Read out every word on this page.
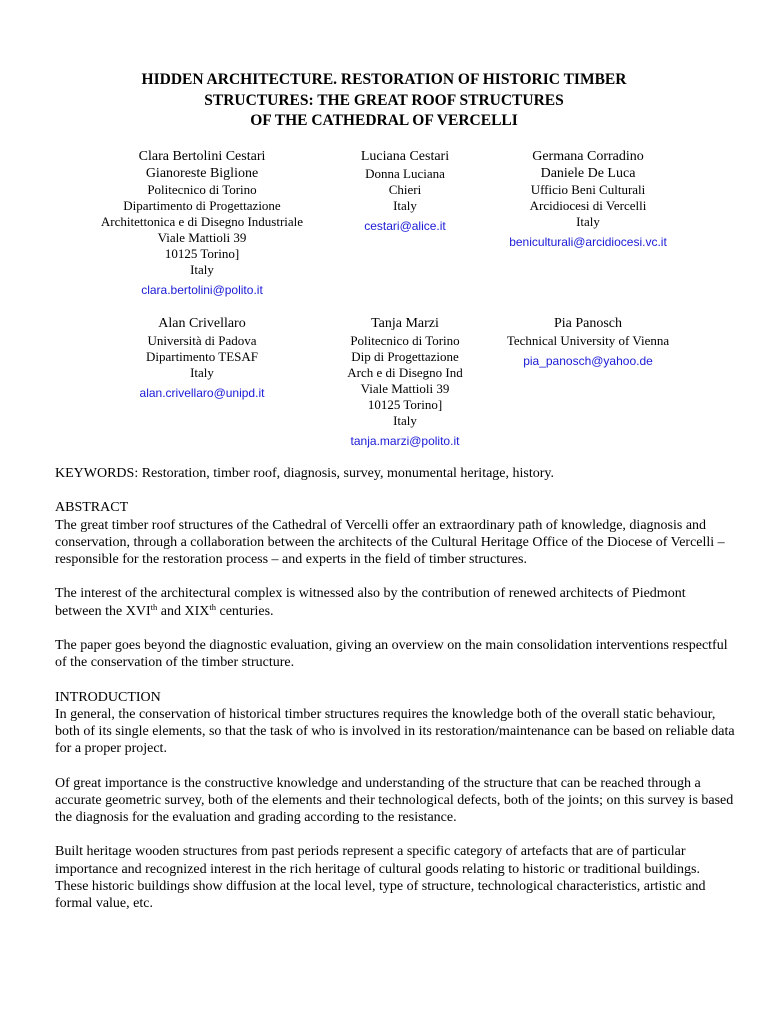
HIDDEN ARCHITECTURE. RESTORATION OF HISTORIC TIMBER
STRUCTURES: THE GREAT ROOF STRUCTURES
OF THE CATHEDRAL OF VERCELLI
Clara Bertolini Cestari
Gianoreste Biglione
Politecnico di Torino
Dipartimento di Progettazione
Architettonica e di Disegno Industriale
Viale Mattioli 39
10125 Torino]
Italy
clara.bertolini@polito.it
Luciana Cestari
Donna Luciana
Chieri
Italy
cestari@alice.it
Germana Corradino
Daniele De Luca
Ufficio Beni Culturali
Arcidiocesi di Vercelli
Italy
beniculturali@arcidiocesi.vc.it
Alan Crivellaro
Università di Padova
Dipartimento TESAF
Italy
alan.crivellaro@unipd.it
Tanja Marzi
Politecnico di Torino
Dip di Progettazione
Arch e di Disegno Ind
Viale Mattioli 39
10125 Torino]
Italy
tanja.marzi@polito.it
Pia Panosch
Technical University of Vienna
pia_panosch@yahoo.de

KEYWORDS: Restoration, timber roof, diagnosis, survey, monumental heritage, history.

ABSTRACT

The great timber roof structures of the Cathedral of Vercelli offer an extraordinary path of knowledge, diagnosis and conservation, through a collaboration between the architects of the Cultural Heritage Office of the Diocese of Vercelli – responsible for the restoration process – and experts in the field of timber structures.

The interest of the architectural complex is witnessed also by the contribution of renewed architects of Piedmont between the XVIth and XIXth centuries.

The paper goes beyond the diagnostic evaluation, giving an overview on the main consolidation interventions respectful of the conservation of the timber structure.

INTRODUCTION

In general, the conservation of historical timber structures requires the knowledge both of the overall static behaviour, both of its single elements, so that the task of who is involved in its restoration/maintenance can be based on reliable data for a proper project.

Of great importance is the constructive knowledge and understanding of the structure that can be reached through a accurate geometric survey, both of the elements and their technological defects, both of the joints; on this survey is based the diagnosis for the evaluation and grading according to the resistance.

Built heritage wooden structures from past periods represent a specific category of artefacts that are of particular importance and recognized interest in the rich heritage of cultural goods relating to historic or traditional buildings. These historic buildings show diffusion at the local level, type of structure, technological characteristics, artistic and formal value, etc.
